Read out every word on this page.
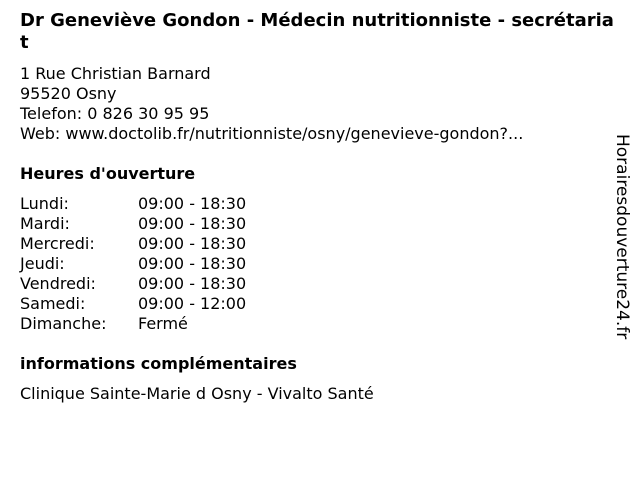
Dr Geneviève Gondon - Médecin nutritionniste - secrétariat
1 Rue Christian Barnard
95520 Osny
Telefon: 0 826 30 95 95
Web: www.doctolib.fr/nutritionniste/osny/genevieve-gondon?...
Heures d'ouverture
Lundi:	09:00 - 18:30
Mardi:	09:00 - 18:30
Mercredi:	09:00 - 18:30
Jeudi:	09:00 - 18:30
Vendredi:	09:00 - 18:30
Samedi:	09:00 - 12:00
Dimanche:	Fermé
informations complémentaires
Clinique Sainte-Marie d Osny - Vivalto Santé
Horairesdouverture24.fr
